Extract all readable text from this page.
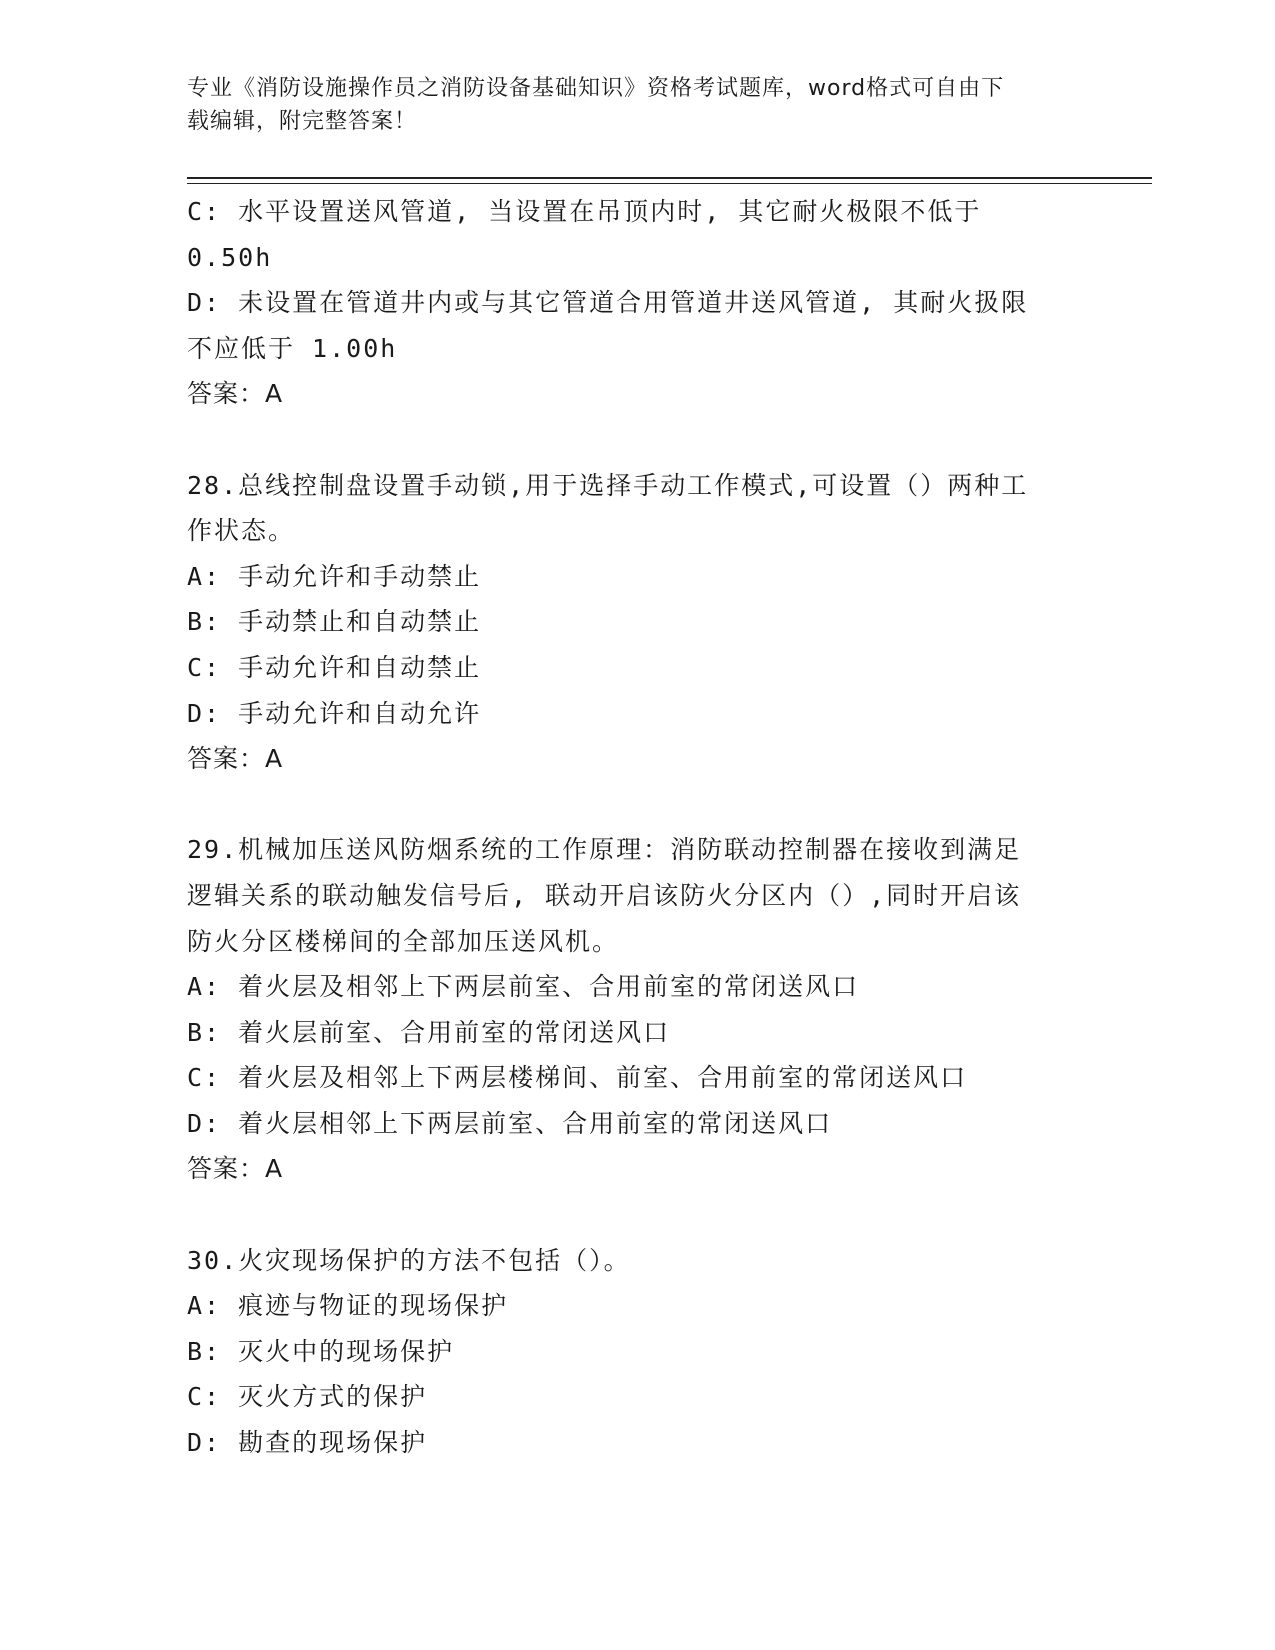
专业《消防设施操作员之消防设备基础知识》资格考试题库，word格式可自由下
载编辑，附完整答案！
C: 水平设置送风管道, 当设置在吊顶内时, 其它耐火极限不低于
0.50h
D: 未设置在管道井内或与其它管道合用管道井送风管道, 其耐火扱限
不应低于 1.00h
答案：A
28.总线控制盘设置手动锁,用于选择手动工作模式,可设置（）两种工
作状态。
A: 手动允许和手动禁止
B: 手动禁止和自动禁止
C: 手动允许和自动禁止
D: 手动允许和自动允许
答案：A
29.机械加压送风防烟系统的工作原理：消防联动控制器在接收到满足
逻辑关系的联动触发信号后, 联动开启该防火分区内（）,同时开启该
防火分区楼梯间的全部加压送风机。
A: 着火层及相邻上下两层前室、合用前室的常闭送风口
B: 着火层前室、合用前室的常闭送风口
C: 着火层及相邻上下两层楼梯间、前室、合用前室的常闭送风口
D: 着火层相邻上下两层前室、合用前室的常闭送风口
答案：A
30.火灾现场保护的方法不包括（）。
A: 痕迹与物证的现场保护
B: 灭火中的现场保护
C: 灭火方式的保护
D: 勘查的现场保护
